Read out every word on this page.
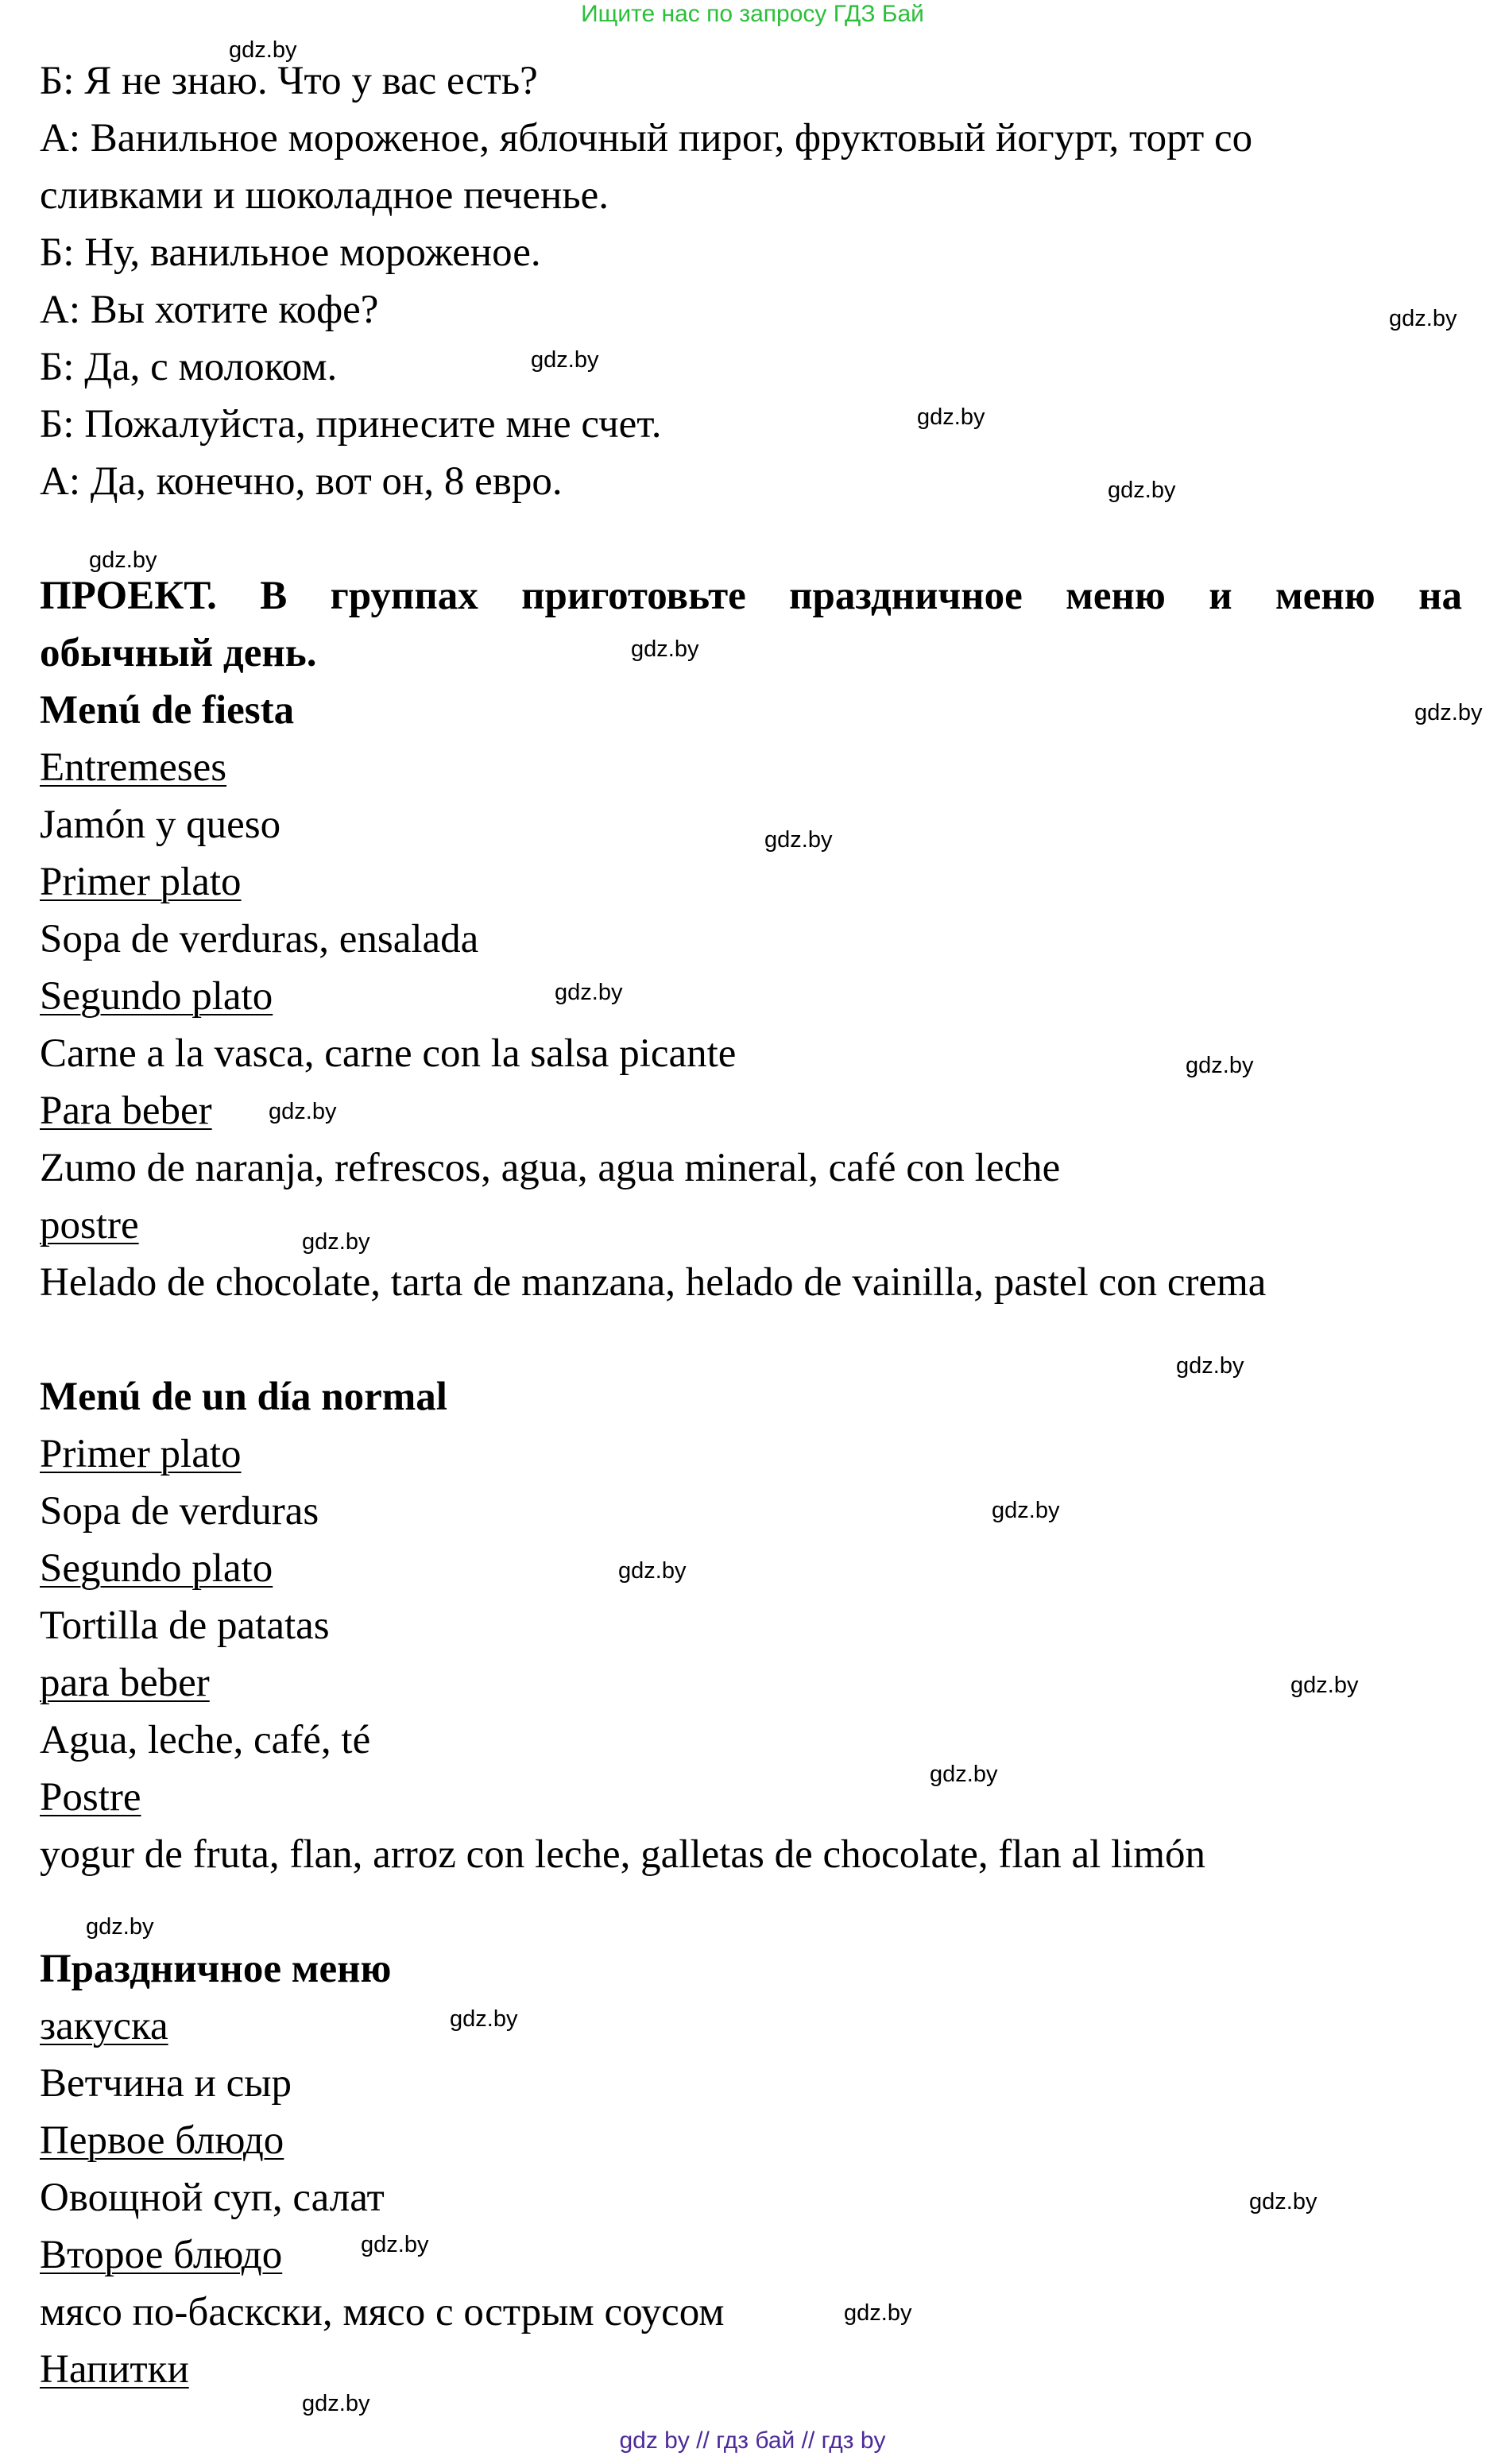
Ищите нас по запросу ГДЗ Бай
Б: Я не знаю. Что у вас есть?
А: Ванильное мороженое, яблочный пирог, фруктовый йогурт, торт со
сливками и шоколадное печенье.
Б: Ну, ванильное мороженое.
А: Вы хотите кофе?
Б: Да, с молоком.
Б: Пожалуйста, принесите мне счет.
А: Да, конечно, вот он, 8 евро.
ПРОЕКТ. В группах приготовьте праздничное меню и меню на
обычный день.
Menú de fiesta
Entremeses
Jamón y queso
Primer plato
Sopa de verduras, ensalada
Segundo plato
Carne a la vasca, carne con la salsa picante
Para beber
Zumo de naranja, refrescos, agua, agua mineral, café con leche
postre
Helado de chocolate, tarta de manzana, helado de vainilla, pastel con crema
Menú de un día normal
Primer plato
Sopa de verduras
Segundo plato
Tortilla de patatas
para beber
Agua, leche, café, té
Postre
yogur de fruta, flan, arroz con leche, galletas de chocolate, flan al limón
Праздничное меню
закуска
Ветчина и сыр
Первое блюдо
Овощной суп, салат
Второе блюдо
мясо по-баскски, мясо с острым соусом
Напитки
gdz.by
gdz.by
gdz.by
gdz.by
gdz.by
gdz.by
gdz.by
gdz.by
gdz.by
gdz.by
gdz.by
gdz.by
gdz.by
gdz.by
gdz.by
gdz.by
gdz.by
gdz.by
gdz.by
gdz.by
gdz.by
gdz.by
gdz.by
gdz.by
gdz by // гдз бай // гдз by
